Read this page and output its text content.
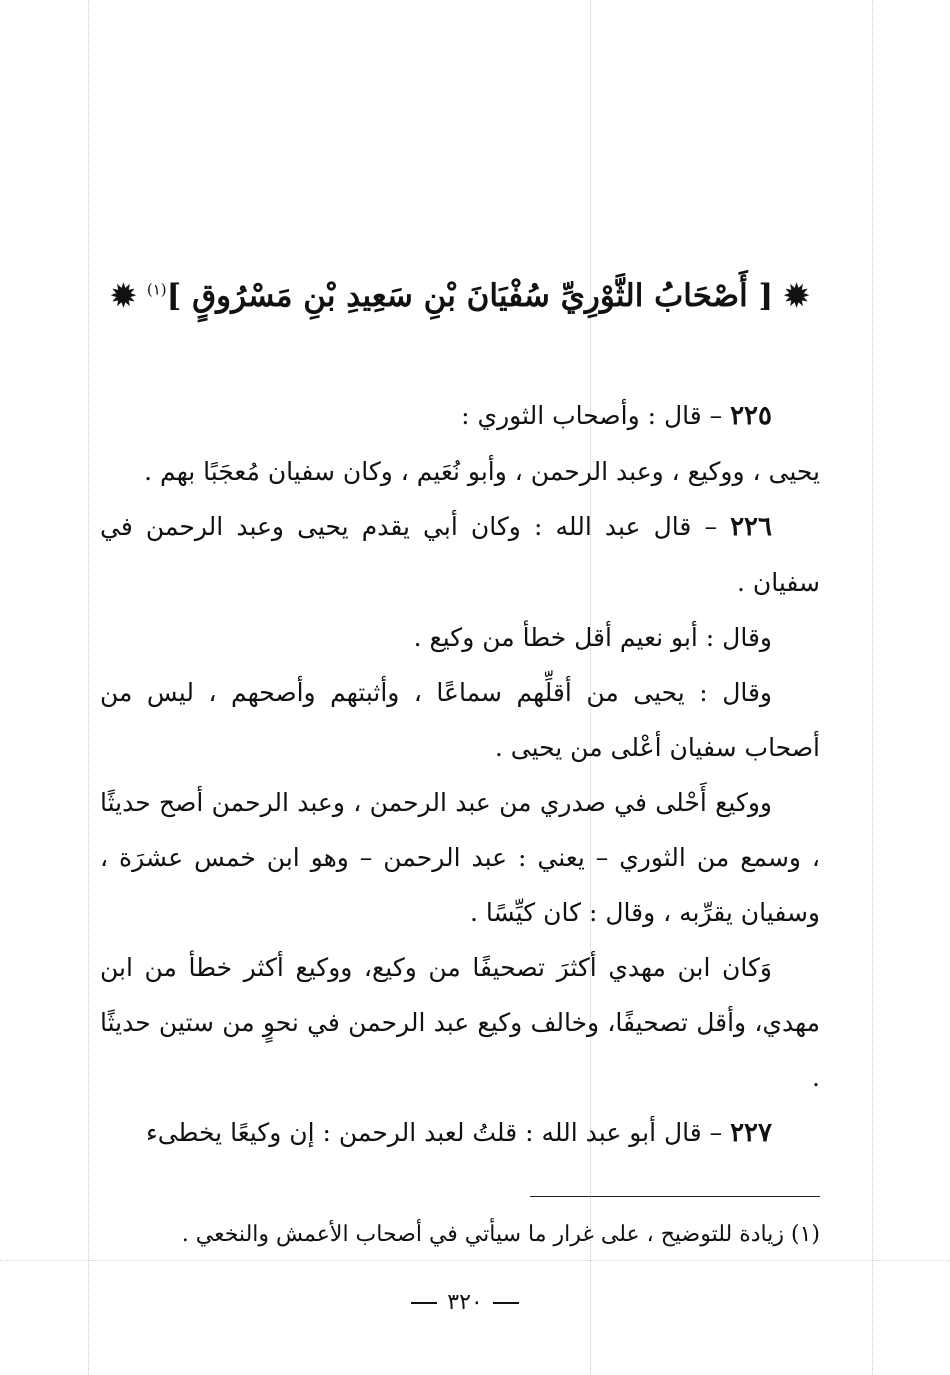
✹ [ أَصْحَابُ الثَّوْرِيِّ سُفْيَانَ بْنِ سَعِيدِ بْنِ مَسْرُوقٍ ]$^{(١)}$ ✹

٢٢٥ – قال : وأصحاب الثوري :

يحيى ، ووكيع ، وعبد الرحمن ، وأبو نُعَيم ، وكان سفيان مُعجَبًا بهم .

٢٢٦ – قال عبد الله : وكان أبي يقدم يحيى وعبد الرحمن في سفيان .

وقال : أبو نعيم أقل خطأ من وكيع .

وقال : يحيى من أقلِّهم سماعًا ، وأثبتهم وأصحهم ، ليس من أصحاب سفيان أعْلى من يحيى .

ووكيع أَحْلى في صدري من عبد الرحمن ، وعبد الرحمن أصح حديثًا ، وسمع من الثوري – يعني : عبد الرحمن – وهو ابن خمس عشرَة ، وسفيان يقرِّبه ، وقال : كان كيِّسًا .

وَكان ابن مهدي أكثرَ تصحيفًا من وكيع، ووكيع أكثر خطأ من ابن مهدي، وأقل تصحيفًا، وخالف وكيع عبد الرحمن في نحوٍ من ستين حديثًا .

٢٢٧ – قال أبو عبد الله : قلتُ لعبد الرحمن : إن وكيعًا يخطىء

(١) زيادة للتوضيح ، على غرار ما سيأتي في أصحاب الأعمش والنخعي .
٣٢٠
